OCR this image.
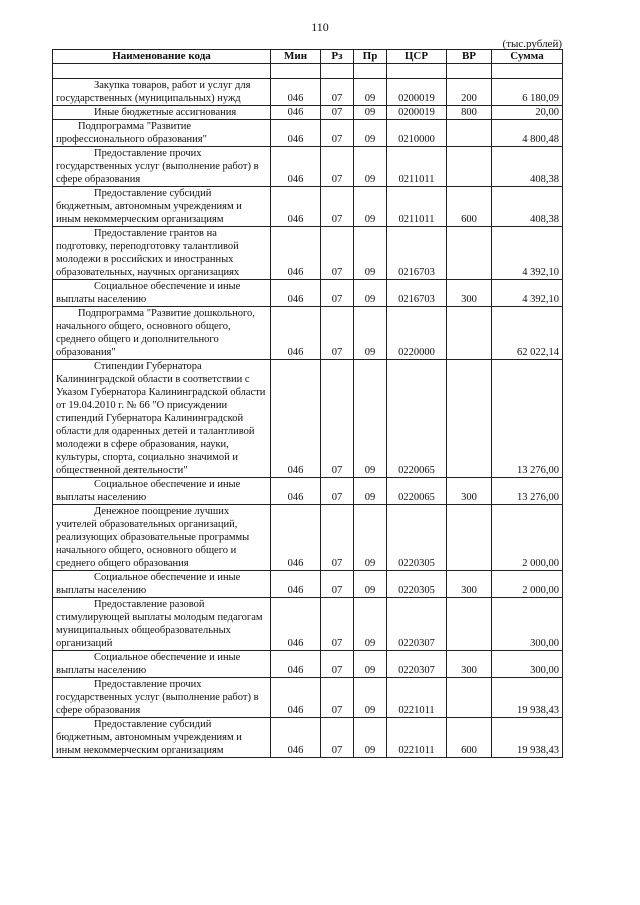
110
(тыс.рублей)
Наименование кода	Мин	Рз	Пр	ЦСР	ВР	Сумма

Закупка товаров, работ и услуг для государственных (муниципальных) нужд	046	07	09	0200019	200	6 180,09
Иные бюджетные ассигнования	046	07	09	0200019	800	20,00
Подпрограмма "Развитие профессионального образования"	046	07	09	0210000		4 800,48
Предоставление прочих государственных услуг (выполнение работ) в сфере образования	046	07	09	0211011		408,38
Предоставление субсидий бюджетным, автономным учреждениям и иным некоммерческим организациям	046	07	09	0211011	600	408,38
Предоставление грантов на подготовку, переподготовку талантливой молодежи в российских и иностранных образовательных, научных организациях	046	07	09	0216703		4 392,10
Социальное обеспечение и иные выплаты населению	046	07	09	0216703	300	4 392,10
Подпрограмма "Развитие дошкольного, начального общего, основного общего, среднего общего и дополнительного образования"	046	07	09	0220000		62 022,14
Стипендии Губернатора Калининградской области в соответствии с Указом Губернатора Калининградской области от 19.04.2010 г. № 66 "О присуждении стипендий Губернатора Калининградской области для одаренных детей и талантливой молодежи в сфере образования, науки, культуры, спорта, социально значимой и общественной деятельности"	046	07	09	0220065		13 276,00
Социальное обеспечение и иные выплаты населению	046	07	09	0220065	300	13 276,00
Денежное поощрение лучших учителей образовательных организаций, реализующих образовательные программы начального общего, основного общего и среднего общего образования	046	07	09	0220305		2 000,00
Социальное обеспечение и иные выплаты населению	046	07	09	0220305	300	2 000,00
Предоставление разовой стимулирующей выплаты молодым педагогам муниципальных общеобразовательных организаций	046	07	09	0220307		300,00
Социальное обеспечение и иные выплаты населению	046	07	09	0220307	300	300,00
Предоставление прочих государственных услуг (выполнение работ) в сфере образования	046	07	09	0221011		19 938,43
Предоставление субсидий бюджетным, автономным учреждениям и иным некоммерческим организациям	046	07	09	0221011	600	19 938,43
